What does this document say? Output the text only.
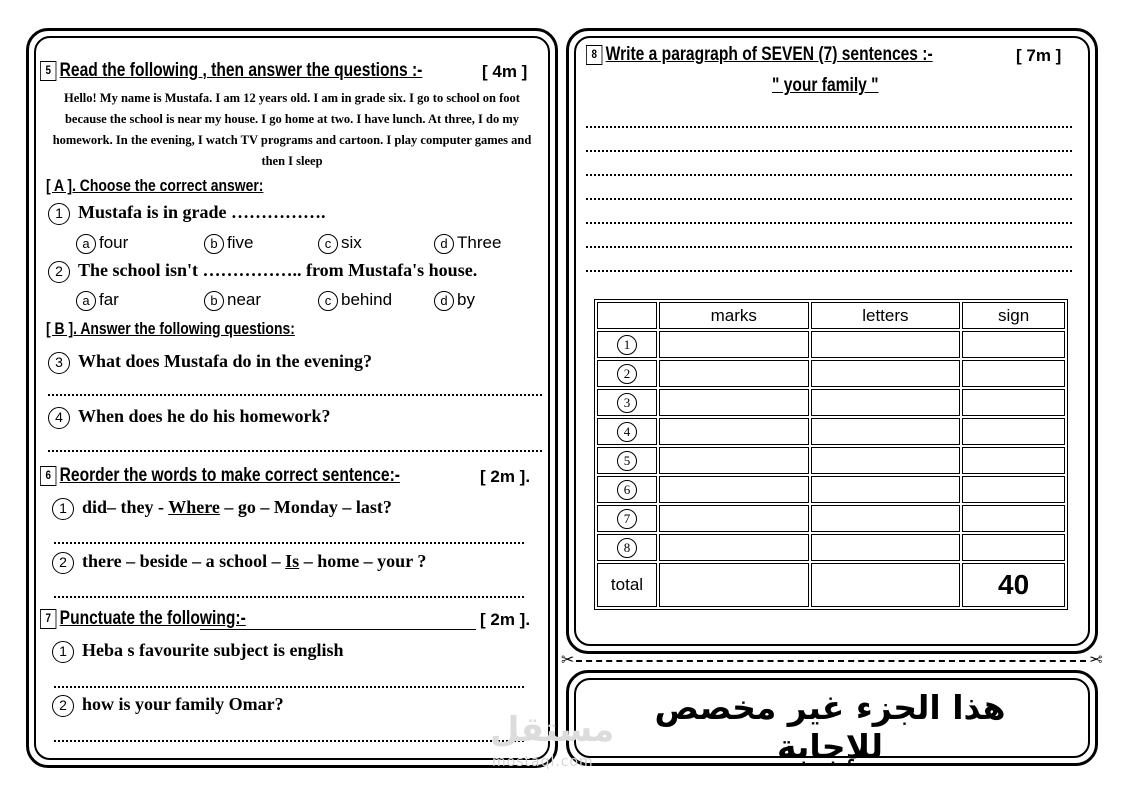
5 Read the following , then answer the questions :-	[ 4m ]
Hello! My name is Mustafa. I am 12 years old. I am in grade six. I go to school on foot because the school is near my house. I go home at two. I have lunch. At three, I do my homework. In the evening, I watch TV programs and cartoon. I play computer games and then I sleep
[ A ]. Choose the correct answer:
1 Mustafa is in grade …………….
a four	b five	c six	d Three
2 The school isn't …………….. from Mustafa's house.
a far	b near	c behind	d by
[ B ]. Answer the following questions:
3 What does Mustafa do in the evening?
4 When does he do his homework?
6 Reorder the words to make correct sentence:-	[ 2m ].
1 did– they - Where – go – Monday – last?
2 there – beside – a school – Is – home – your ?
7 Punctuate the following:-	[ 2m ].
1 Heba s favourite subject is english
2 how is your family Omar?
8 Write a paragraph of SEVEN (7) sentences :-	[ 7m ]
" your family "
	marks	letters	sign
1			
2			
3			
4			
5			
6			
7			
8			
total			40
✂	✂
هذا الجزء غير مخصص للإجابة
مستقل
mostaql.com
